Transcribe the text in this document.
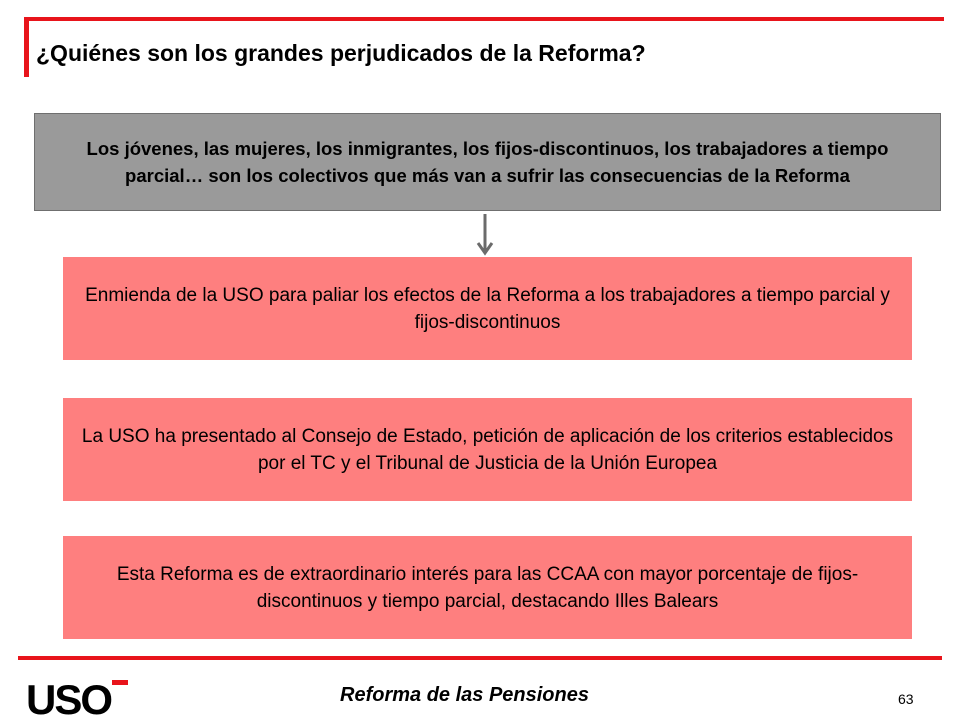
¿Quiénes son los grandes perjudicados de la Reforma?
Los jóvenes, las mujeres, los inmigrantes, los fijos-discontinuos, los trabajadores a tiempo parcial… son los colectivos que más van a sufrir las consecuencias de la Reforma
Enmienda de la USO para paliar los efectos de la Reforma a los trabajadores a tiempo parcial y fijos-discontinuos
La USO ha presentado al Consejo de Estado, petición de aplicación de los criterios establecidos por el TC y el Tribunal de Justicia de la Unión Europea
Esta Reforma es de extraordinario interés para las CCAA con mayor porcentaje de fijos-discontinuos y tiempo parcial, destacando Illes Balears
USO	Reforma de las Pensiones	63
